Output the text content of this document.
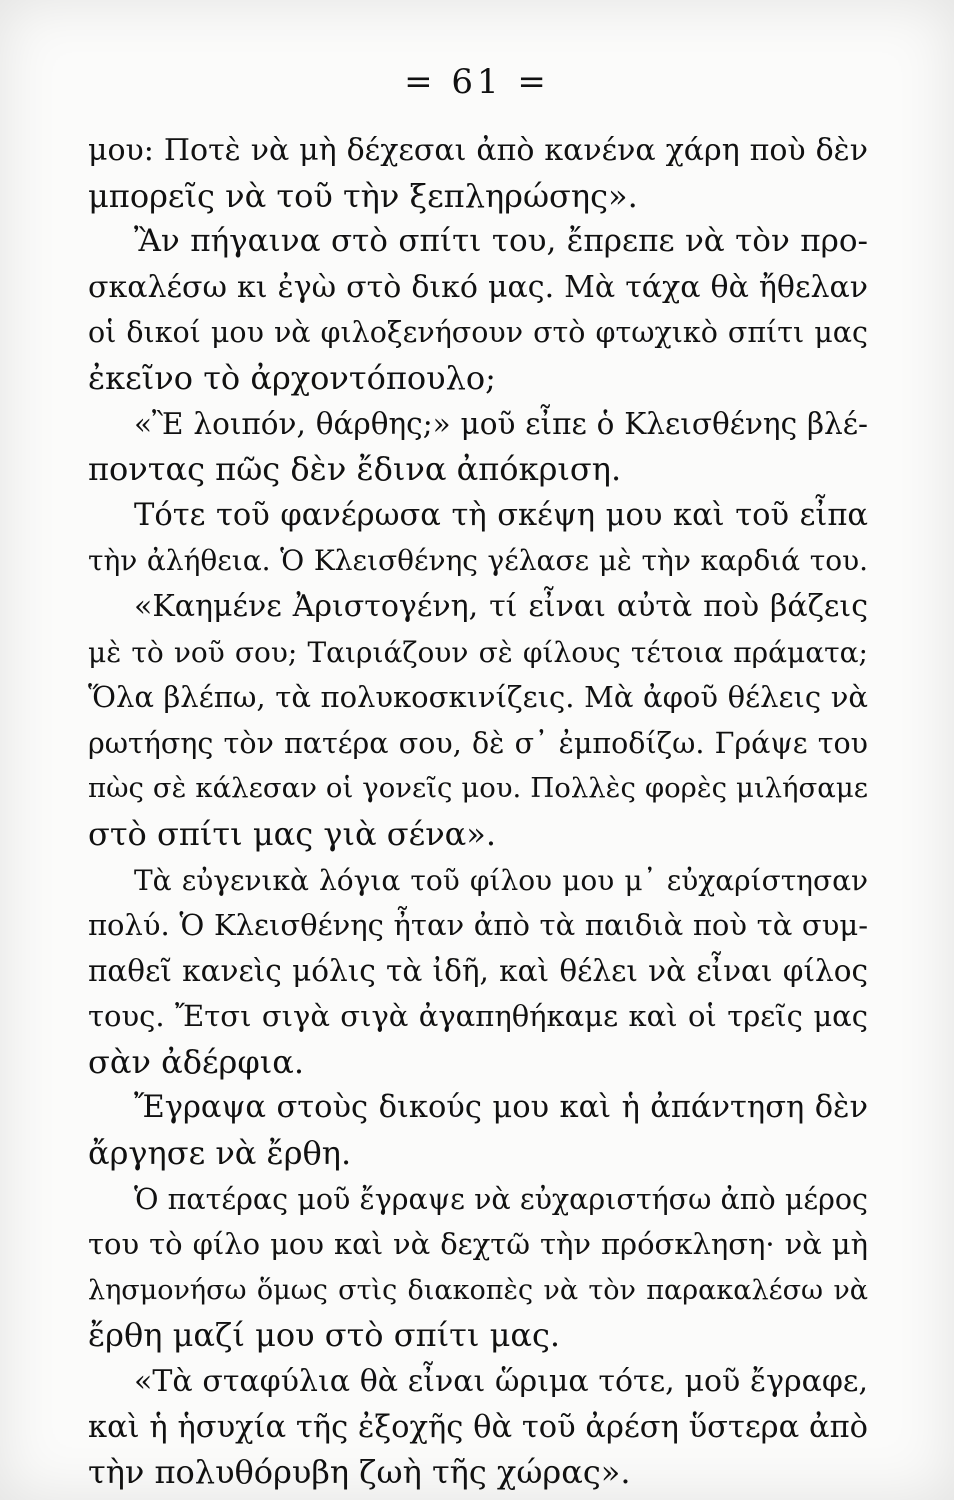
= 61 =
μου: Ποτὲ νὰ μὴ δέχεσαι ἀπὸ κανένα χάρη ποὺ δὲν
μπορεῖς νὰ τοῦ τὴν ξεπληρώσης».
Ἂν πήγαινα στὸ σπίτι του, ἔπρεπε νὰ τὸν προ-
σκαλέσω κι ἐγὼ στὸ δικό μας. Μὰ τάχα θὰ ἤθελαν
οἱ δικοί μου νὰ φιλοξενήσουν στὸ φτωχικὸ σπίτι μας
ἐκεῖνο τὸ ἀρχοντόπουλο;
«Ἒ λοιπόν, θάρθης;» μοῦ εἶπε ὁ Κλεισθένης βλέ-
ποντας πῶς δὲν ἔδινα ἀπόκριση.
Τότε τοῦ φανέρωσα τὴ σκέψη μου καὶ τοῦ εἶπα
τὴν ἀλήθεια. Ὁ Κλεισθένης γέλασε μὲ τὴν καρδιά του.
«Καημένε Ἀριστογένη, τί εἶναι αὐτὰ ποὺ βάζεις
μὲ τὸ νοῦ σου; Ταιριάζουν σὲ φίλους τέτοια πράματα;
Ὅλα βλέπω, τὰ πολυκοσκινίζεις. Μὰ ἀφοῦ θέλεις νὰ
ρωτήσης τὸν πατέρα σου, δὲ σ᾽ ἐμποδίζω. Γράψε του
πὼς σὲ κάλεσαν οἱ γονεῖς μου. Πολλὲς φορὲς μιλήσαμε
στὸ σπίτι μας γιὰ σένα».
Τὰ εὐγενικὰ λόγια τοῦ φίλου μου μ᾽ εὐχαρίστησαν
πολύ. Ὁ Κλεισθένης ἦταν ἀπὸ τὰ παιδιὰ ποὺ τὰ συμ-
παθεῖ κανεὶς μόλις τὰ ἰδῆ, καὶ θέλει νὰ εἶναι φίλος
τους. Ἔτσι σιγὰ σιγὰ ἀγαπηθήκαμε καὶ οἱ τρεῖς μας
σὰν ἀδέρφια.
Ἔγραψα στοὺς δικούς μου καὶ ἡ ἀπάντηση δὲν
ἄργησε νὰ ἔρθη.
Ὁ πατέρας μοῦ ἔγραψε νὰ εὐχαριστήσω ἀπὸ μέρος
του τὸ φίλο μου καὶ νὰ δεχτῶ τὴν πρόσκληση· νὰ μὴ
λησμονήσω ὅμως στὶς διακοπὲς νὰ τὸν παρακαλέσω νὰ
ἔρθη μαζί μου στὸ σπίτι μας.
«Τὰ σταφύλια θὰ εἶναι ὥριμα τότε, μοῦ ἔγραφε,
καὶ ἡ ἡσυχία τῆς ἐξοχῆς θὰ τοῦ ἀρέση ὕστερα ἀπὸ
τὴν πολυθόρυβη ζωὴ τῆς χώρας».
